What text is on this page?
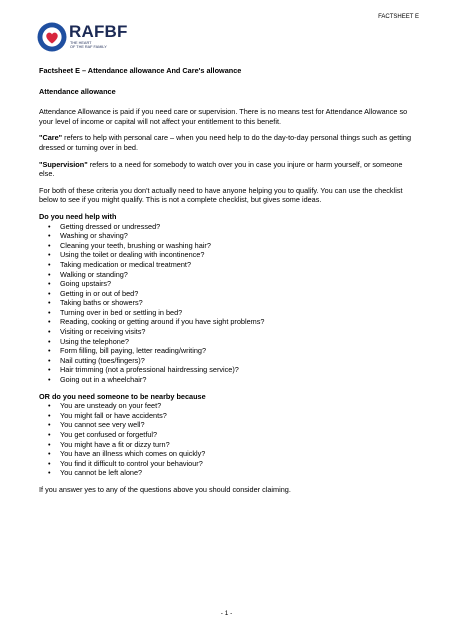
RAFBF
THE HEART
OF THE RAF FAMILY
FACTSHEET E

Factsheet E – Attendance allowance And Care's allowance

Attendance allowance

Attendance Allowance is paid if you need care or supervision. There is no means test for Attendance Allowance so your level of income or capital will not affect your entitlement to this benefit.

"Care" refers to help with personal care – when you need help to do the day-to-day personal things such as getting dressed or turning over in bed.

"Supervision" refers to a need for somebody to watch over you in case you injure or harm yourself, or someone else.

For both of these criteria you don't actually need to have anyone helping you to qualify. You can use the checklist below to see if you might qualify. This is not a complete checklist, but gives some ideas.

Do you need help with

• Getting dressed or undressed?
• Washing or shaving?
• Cleaning your teeth, brushing or washing hair?
• Using the toilet or dealing with incontinence?
• Taking medication or medical treatment?
• Walking or standing?
• Going upstairs?
• Getting in or out of bed?
• Taking baths or showers?
• Turning over in bed or settling in bed?
• Reading, cooking or getting around if you have sight problems?
• Visiting or receiving visits?
• Using the telephone?
• Form filling, bill paying, letter reading/writing?
• Nail cutting (toes/fingers)?
• Hair trimming (not a professional hairdressing service)?
• Going out in a wheelchair?

OR do you need someone to be nearby because

• You are unsteady on your feet?
• You might fall or have accidents?
• You cannot see very well?
• You get confused or forgetful?
• You might have a fit or dizzy turn?
• You have an illness which comes on quickly?
• You find it difficult to control your behaviour?
• You cannot be left alone?

If you answer yes to any of the questions above you should consider claiming.

- 1 -
